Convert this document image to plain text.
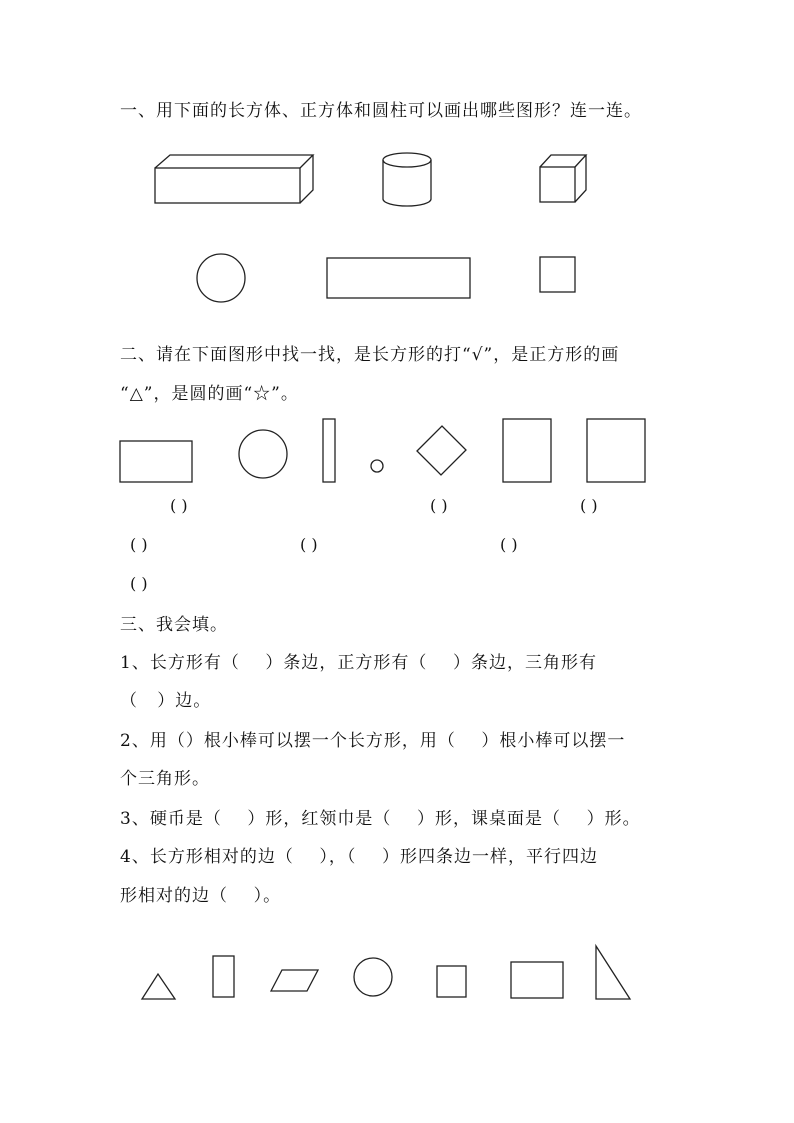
一、用下面的长方体、正方体和圆柱可以画出哪些图形？连一连。
二、请在下面图形中找一找，是长方形的打“√”，是正方形的画
“△”，是圆的画“☆”。
( )	( )	( )
( )	( )	( )
( )
三、我会填。
1、长方形有（    ）条边，正方形有（    ）条边，三角形有
（   ）边。
2、用（）根小棒可以摆一个长方形，用（    ）根小棒可以摆一
个三角形。
3、硬币是（    ）形，红领巾是（    ）形，课桌面是（    ）形。
4、长方形相对的边（    ），（    ）形四条边一样，平行四边
形相对的边（    ）。
